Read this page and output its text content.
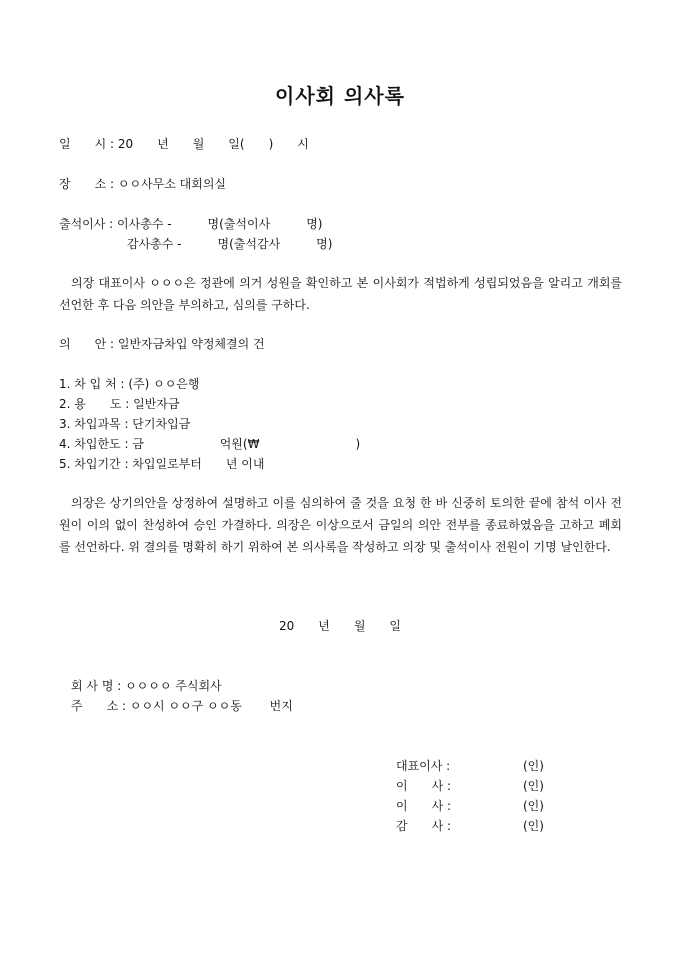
이사회 의사록
일　　시 : 20　　년　　월　　일(　　)　　시
장　　소 : ㅇㅇ사무소 대회의실
출석이사 : 이사총수 -　　　명(출석이사　　　명)
감사총수 -　　　명(출석감사　　　명)
의장 대표이사 ㅇㅇㅇ은 정관에 의거 성원을 확인하고 본 이사회가 적법하게 성립되었음을 알리고 개회를 선언한 후 다음 의안을 부의하고, 심의를 구하다.
의　　안 : 일반자금차입 약정체결의 건
1. 차 입 처 : (주) ㅇㅇ은행
2. 용　　도 : 일반자금
3. 차입과목 : 단기차입금
4. 차입한도 : 금　　　　　　 억원(₩　　　　　　　　)
5. 차입기간 : 차입일로부터　　년 이내
의장은 상기의안을 상정하여 설명하고 이를 심의하여 줄 것을 요청 한 바 신중히 토의한 끝에 참석 이사 전원이 이의 없이 찬성하여 승인 가결하다. 의장은 이상으로서 금일의 의안 전부를 종료하였음을 고하고 폐회를 선언하다. 위 결의를 명확히 하기 위하여 본 의사록을 작성하고 의장 및 출석이사 전원이 기명 날인한다.
20　　년　　월　　일
회 사 명 : ㅇㅇㅇㅇ 주식회사
주　　소 : ㅇㅇ시 ㅇㅇ구 ㅇㅇ동　　 번지
대표이사 :	(인)
이　　사 :	(인)
이　　사 :	(인)
감　　사 :	(인)
